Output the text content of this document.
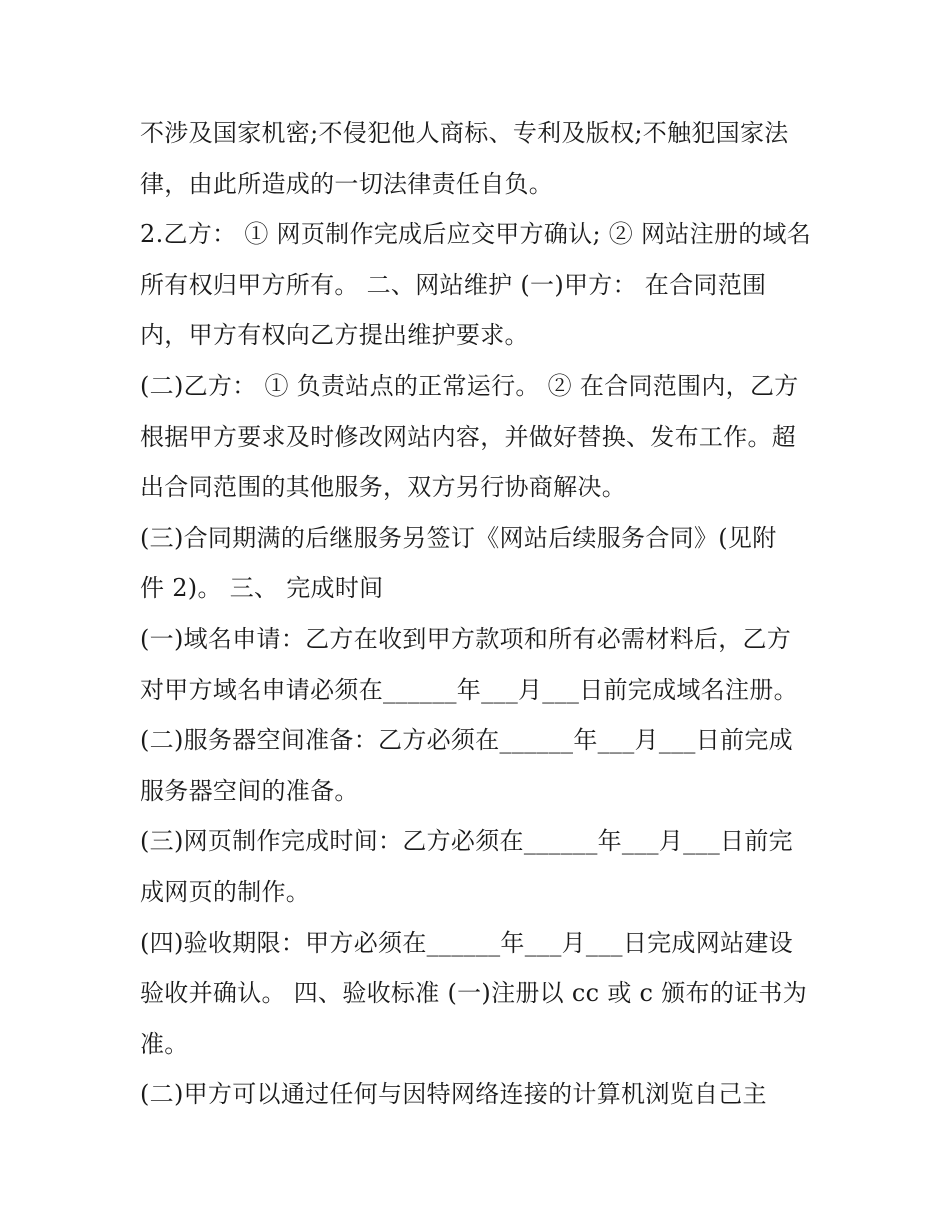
不涉及国家机密;不侵犯他人商标、专利及版权;不触犯国家法
律，由此所造成的一切法律责任自负。
2.乙方： ① 网页制作完成后应交甲方确认; ② 网站注册的域名
所有权归甲方所有。 二、网站维护 (一)甲方： 在合同范围
内，甲方有权向乙方提出维护要求。
(二)乙方： ① 负责站点的正常运行。 ② 在合同范围内，乙方
根据甲方要求及时修改网站内容，并做好替换、发布工作。超
出合同范围的其他服务，双方另行协商解决。
(三)合同期满的后继服务另签订《网站后续服务合同》(见附
件 2)。 三、 完成时间
(一)域名申请：乙方在收到甲方款项和所有必需材料后，乙方
对甲方域名申请必须在______年___月___日前完成域名注册。
(二)服务器空间准备：乙方必须在______年___月___日前完成
服务器空间的准备。
(三)网页制作完成时间：乙方必须在______年___月___日前完
成网页的制作。
(四)验收期限：甲方必须在______年___月___日完成网站建设
验收并确认。 四、验收标准 (一)注册以 cc 或 c 颁布的证书为
准。
(二)甲方可以通过任何与因特网络连接的计算机浏览自己主
